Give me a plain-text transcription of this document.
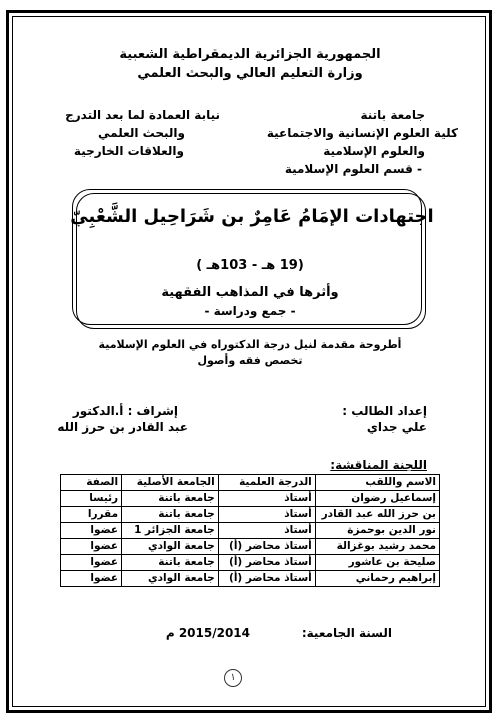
الجمهورية الجزائرية الديمقراطية الشعبية
وزارة التعليم العالي والبحث العلمي
جامعة باتنة
كلية العلوم الإنسانية والاجتماعية
والعلوم الإسلامية
- قسم العلوم الإسلامية
نيابة العمادة لما بعد التدرج
والبحث العلمي
والعلاقات الخارجية
اجتهادات الإمَامُ عَامِرٌ بن شَرَاحِيل الشَّعْبِيّ
(19 هـ - 103هـ )
وأثرها في المذاهب الفقهية
- جمع ودراسة -
أطروحة مقدمة لنيل درجة الدكتوراه في العلوم الإسلامية
تخصص فقه وأصول
إعداد الطالب :
علي جداي
إشراف : أ.الدكتور
عبد القادر بن حرز الله
اللجنة المناقشة:
الاسم واللقب	الدرجة العلمية	الجامعة الأصلية	الصفة
إسماعيل رضوان	أستاذ	جامعة باتنة	رئيسا
بن حرز الله عبد القادر	أستاذ	جامعة باتنة	مقررا
نور الدين بوحمزة	أستاذ	جامعة الجزائر 1	عضوا
محمد رشيد بوغزالة	أستاذ محاضر (أ)	جامعة الوادي	عضوا
صليحة بن عاشور	أستاذ محاضر (أ)	جامعة باتنة	عضوا
إبراهيم رحماني	أستاذ محاضر (أ)	جامعة الوادي	عضوا
السنة الجامعية:
2015/2014 م
١
